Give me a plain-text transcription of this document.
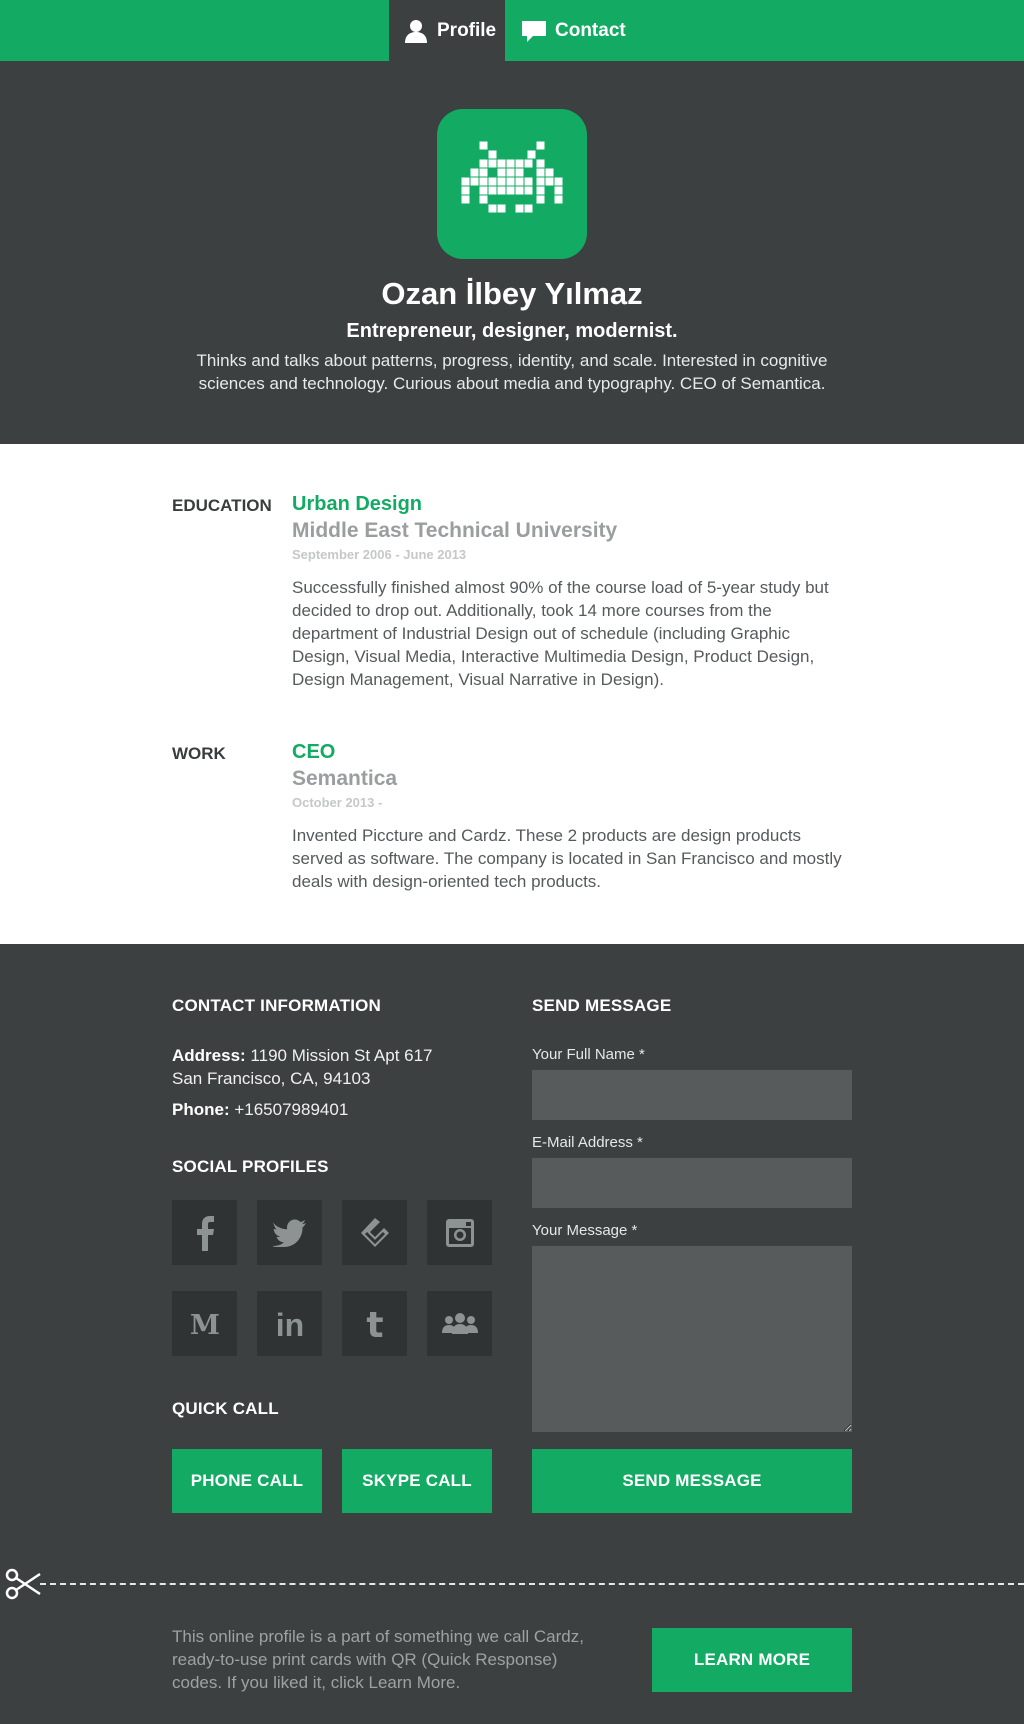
Profile	Contact
Ozan İlbey Yılmaz
Entrepreneur, designer, modernist.
Thinks and talks about patterns, progress, identity, and scale. Interested in cognitive sciences and technology. Curious about media and typography. CEO of Semantica.
EDUCATION Urban Design
Middle East Technical University
September 2006 - June 2013
Successfully finished almost 90% of the course load of 5-year study but decided to drop out. Additionally, took 14 more courses from the department of Industrial Design out of schedule (including Graphic Design, Visual Media, Interactive Multimedia Design, Product Design, Design Management, Visual Narrative in Design).
WORK	CEO
Semantica
October 2013 -
Invented Piccture and Cardz. These 2 products are design products served as software. The company is located in San Francisco and mostly deals with design-oriented tech products.
CONTACT INFORMATION
Address: 1190 Mission St Apt 617
San Francisco, CA, 94103
Phone: +16507989401
SOCIAL PROFILES
M in t
QUICK CALL
PHONE CALL	SKYPE CALL
SEND MESSAGE
Your Full Name *
E-Mail Address *
Your Message *
SEND MESSAGE
This online profile is a part of something we call Cardz, ready-to-use print cards with QR (Quick Response) codes. If you liked it, click Learn More.
LEARN MORE
